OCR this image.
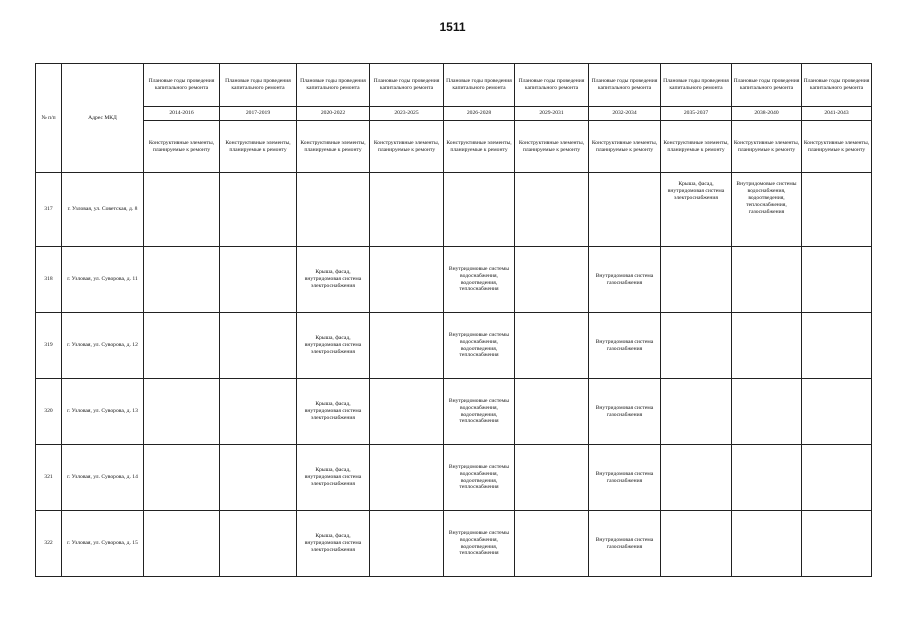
1511
№ п/п	Адрес МКД	Плановые годы проведения капитального ремонта	Плановые годы проведения капитального ремонта	Плановые годы проведения капитального ремонта	Плановые годы проведения капитального ремонта	Плановые годы проведения капитального ремонта	Плановые годы проведения капитального ремонта	Плановые годы проведения капитального ремонта	Плановые годы проведения капитального ремонта	Плановые годы проведения капитального ремонта	Плановые годы проведения капитального ремонта
		2014-2016	2017-2019	2020-2022	2023-2025	2026-2028	2029-2031	2032-2034	2035-2037	2038-2040	2041-2043
		Конструктивные элементы, планируемые к ремонту	Конструктивные элементы, планируемые к ремонту	Конструктивные элементы, планируемые к ремонту	Конструктивные элементы, планируемые к ремонту	Конструктивные элементы, планируемые к ремонту	Конструктивные элементы, планируемые к ремонту	Конструктивные элементы, планируемые к ремонту	Конструктивные элементы, планируемые к ремонту	Конструктивные элементы, планируемые к ремонту	Конструктивные элементы, планируемые к ремонту
317	г. Узловая, ул. Советская, д. 8								Крыша, фасад, внутридомовая система электроснабжения	Внутридомовые системы водоснабжения, водоотведения, теплоснабжения, газоснабжения	
318	г. Узловая, ул. Суворова, д. 11			Крыша, фасад, внутридомовая система электроснабжения		Внутридомовые системы водоснабжения, водоотведения, теплоснабжения		Внутридомовая система газоснабжения			
319	г. Узловая, ул. Суворова, д. 12			Крыша, фасад, внутридомовая система электроснабжения		Внутридомовые системы водоснабжения, водоотведения, теплоснабжения		Внутридомовая система газоснабжения			
320	г. Узловая, ул. Суворова, д. 13			Крыша, фасад, внутридомовая система электроснабжения		Внутридомовые системы водоснабжения, водоотведения, теплоснабжения		Внутридомовая система газоснабжения			
321	г. Узловая, ул. Суворова, д. 14			Крыша, фасад, внутридомовая система электроснабжения		Внутридомовые системы водоснабжения, водоотведения, теплоснабжения		Внутридомовая система газоснабжения			
322	г. Узловая, ул. Суворова, д. 15			Крыша, фасад, внутридомовая система электроснабжения		Внутридомовые системы водоснабжения, водоотведения, теплоснабжения		Внутридомовая система газоснабжения			
